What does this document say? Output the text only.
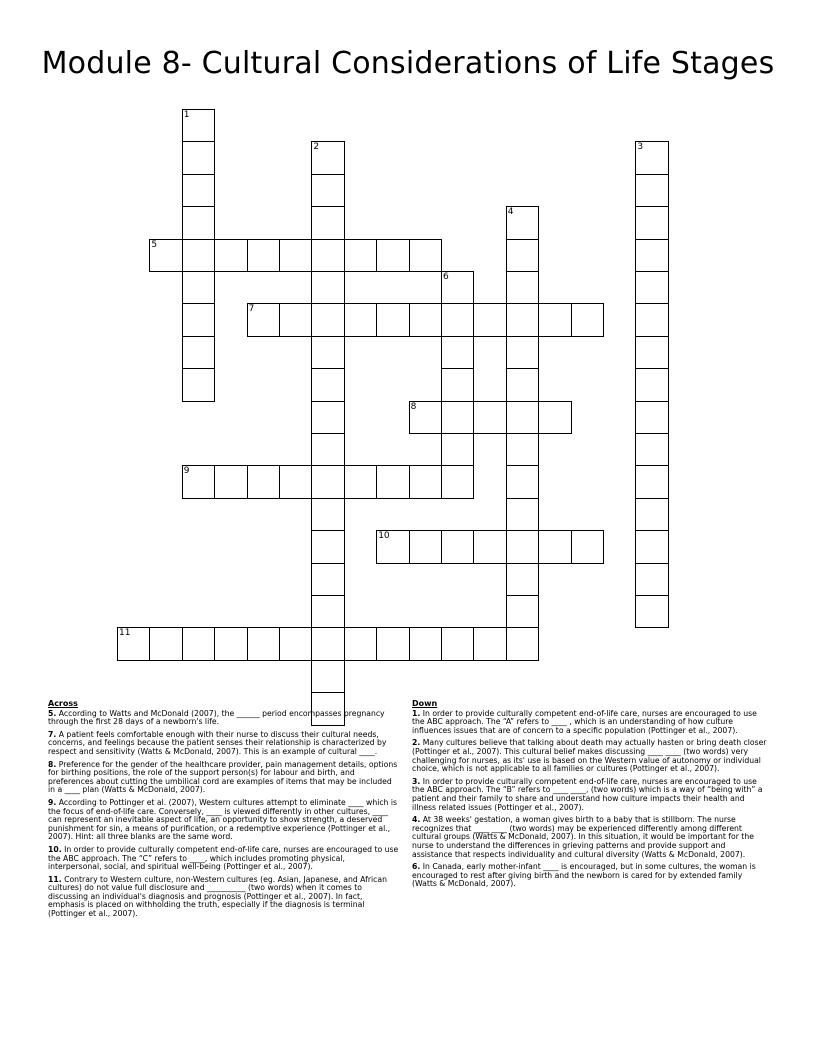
Module 8- Cultural Considerations of Life Stages
1
2	3
4
5
6
7
8
9
10
11
Across

5. According to Watts and McDonald (2007), the ______ period encompasses pregnancy through the first 28 days of a newborn's life.

7. A patient feels comfortable enough with their nurse to discuss their cultural needs, concerns, and feelings because the patient senses their relationship is characterized by respect and sensitivity (Watts & McDonald, 2007). This is an example of cultural ____.

8. Preference for the gender of the healthcare provider, pain management details, options for birthing positions, the role of the support person(s) for labour and birth, and preferences about cutting the umbilical cord are examples of items that may be included in a ____ plan (Watts & McDonald, 2007).

9. According to Pottinger et al. (2007), Western cultures attempt to eliminate ____ which is the focus of end-of-life care. Conversely, ____ is viewed differently in other cultures, ____ can represent an inevitable aspect of life, an opportunity to show strength, a deserved punishment for sin, a means of purification, or a redemptive experience (Pottinger et al., 2007). Hint: all three blanks are the same word.

10. In order to provide culturally competent end-of-life care, nurses are encouraged to use the ABC approach. The “C” refers to ____, which includes promoting physical, interpersonal, social, and spiritual well-being (Pottinger et al., 2007).

11. Contrary to Western culture, non-Western cultures (eg. Asian, Japanese, and African cultures) do not value full disclosure and __________ (two words) when it comes to discussing an individual's diagnosis and prognosis (Pottinger et al., 2007). In fact, emphasis is placed on withholding the truth, especially if the diagnosis is terminal (Pottinger et al., 2007).

Down

1. In order to provide culturally competent end-of-life care, nurses are encouraged to use the ABC approach. The “A” refers to ____ , which is an understanding of how culture influences issues that are of concern to a specific population (Pottinger et al., 2007).

2. Many cultures believe that talking about death may actually hasten or bring death closer (Pottinger et al., 2007). This cultural belief makes discussing ____ ____ (two words) very challenging for nurses, as its' use is based on the Western value of autonomy or individual choice, which is not applicable to all families or cultures (Pottinger et al., 2007).

3. In order to provide culturally competent end-of-life care, nurses are encouraged to use the ABC approach. The “B” refers to ____ ____, (two words) which is a way of “being with” a patient and their family to share and understand how culture impacts their health and illness related issues (Pottinger et al., 2007).

4. At 38 weeks' gestation, a woman gives birth to a baby that is stillborn. The nurse recognizes that ____ ____ (two words) may be experienced differently among different cultural groups (Watts & McDonald, 2007). In this situation, it would be important for the nurse to understand the differences in grieving patterns and provide support and assistance that respects individuality and cultural diversity (Watts & McDonald, 2007).

6. In Canada, early mother-infant ____ is encouraged, but in some cultures, the woman is encouraged to rest after giving birth and the newborn is cared for by extended family (Watts & McDonald, 2007).
